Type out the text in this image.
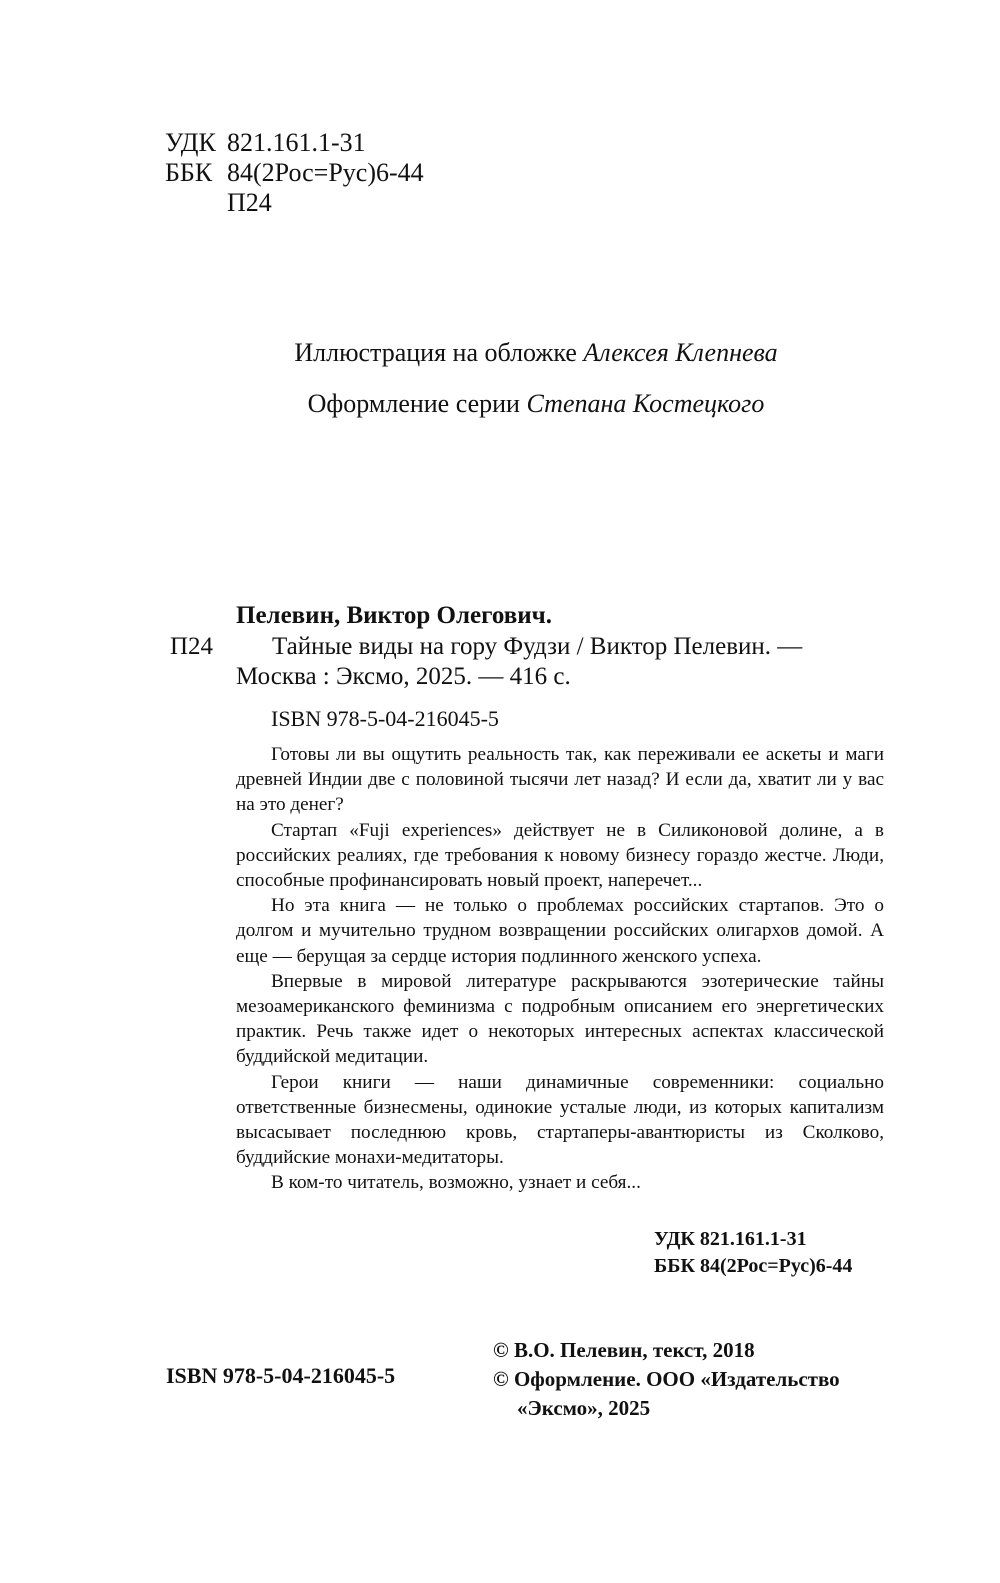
УДК 821.161.1-31
ББК 84(2Рос=Рус)6-44
П24
Иллюстрация на обложке Алексея Клепнева
Оформление серии Степана Костецкого
Пелевин, Виктор Олегович.
П24 Тайные виды на гору Фудзи / Виктор Пелевин. —
Москва : Эксмо, 2025. — 416 с.
ISBN 978-5-04-216045-5

Готовы ли вы ощутить реальность так, как переживали ее аскеты и маги древней Индии две с половиной тысячи лет назад? И если да, хватит ли у вас на это денег?

Стартап «Fuji experiences» действует не в Силиконовой долине, а в российских реалиях, где требования к новому бизнесу гораздо жестче. Люди, способные профинансировать новый проект, наперечет...

Но эта книга — не только о проблемах российских стартапов. Это о долгом и мучительно трудном возвращении российских олигархов домой. А еще — берущая за сердце история подлинного женского успеха.

Впервые в мировой литературе раскрываются эзотерические тайны мезоамериканского феминизма с подробным описанием его энергетических практик. Речь также идет о некоторых интересных аспектах классической буддийской медитации.

Герои книги — наши динамичные современники: социально ответственные бизнесмены, одинокие усталые люди, из которых капитализм высасывает последнюю кровь, стартаперы-авантюристы из Сколково, буддийские монахи-медитаторы.

В ком-то читатель, возможно, узнает и себя...

УДК 821.161.1-31
ББК 84(2Рос=Рус)6-44
© В.О. Пелевин, текст, 2018
© Оформление. ООО «Издательство
«Эксмо», 2025
ISBN 978-5-04-216045-5
